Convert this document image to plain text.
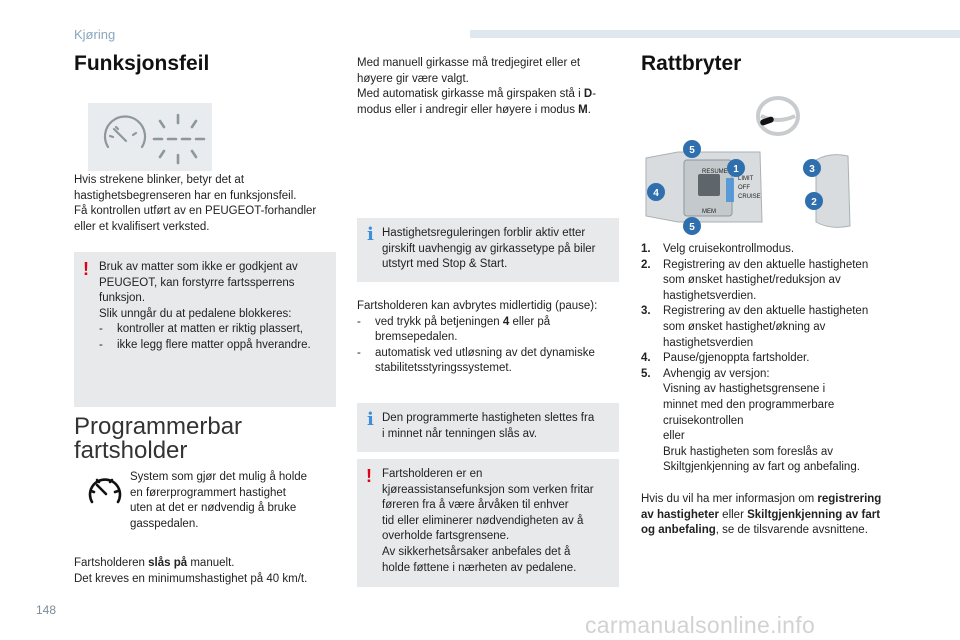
Kjøring
Funksjonsfeil

Hvis strekene blinker, betyr det at

hastighetsbegrenseren har en funksjonsfeil.

Få kontrollen utført av en PEUGEOT-forhandler

eller et kvalifisert verksted.

! Bruk av matter som ikke er godkjent av

PEUGEOT, kan forstyrre fartssperrens

funksjon.

Slik unngår du at pedalene blokkeres:

-	kontroller at matten er riktig plassert,
-	ikke legg flere matter oppå hverandre.

Programmerbar

fartsholder

System som gjør det mulig å holde

en førerprogrammert hastighet

uten at det er nødvendig å bruke

gasspedalen.

Fartsholderen slås på manuelt.

Det kreves en minimumshastighet på 40 km/t.

Med manuell girkasse må tredjegiret eller et

høyere gir være valgt.

Med automatisk girkasse må girspaken stå i D-

modus eller i andregir eller høyere i modus M.

i Hastighetsreguleringen forblir aktiv etter

girskift uavhengig av girkassetype på biler

utstyrt med Stop & Start.

Fartsholderen kan avbrytes midlertidig (pause):

-	ved trykk på betjeningen 4 eller på
bremsepedalen.
-	automatisk ved utløsning av det dynamiske
stabilitetsstyringssystemet.
i Den programmerte hastigheten slettes fra

i minnet når tenningen slås av.

! Fartsholderen er en

kjøreassistansefunksjon som verken fritar

føreren fra å være årvåken til enhver

tid eller eliminerer nødvendigheten av å

overholde fartsgrensene.

Av sikkerhetsårsaker anbefales det å

holde føttene i nærheten av pedalene.

Rattbryter
RESUME
LIMIT
OFF
CRUISE
MEM
1
2
3
4
5
5
1.	Velg cruisekontrollmodus.

2.	Registrering av den aktuelle hastigheten

som ønsket hastighet/reduksjon av

hastighetsverdien.

3.	Registrering av den aktuelle hastigheten

som ønsket hastighet/økning av

hastighetsverdien

4.	Pause/gjenoppta fartsholder.

5.	Avhengig av versjon:

Visning av hastighetsgrensene i

minnet med den programmerbare

cruisekontrollen

eller

Bruk hastigheten som foreslås av

Skiltgjenkjenning av fart og anbefaling.

Hvis du vil ha mer informasjon om registrering

av hastigheter eller Skiltgjenkjenning av fart

og anbefaling, se de tilsvarende avsnittene.

148
carmanualsonline.info
